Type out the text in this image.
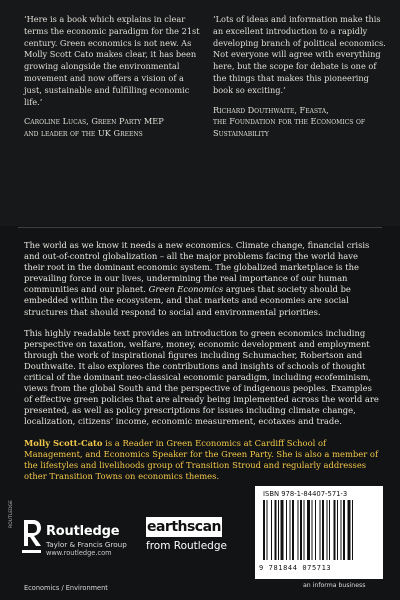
‘Here is a book which explains in clear terms the economic paradigm for the 21st century. Green economics is not new. As Molly Scott Cato makes clear, it has been growing alongside the environmental movement and now offers a vision of a just, sustainable and fulfilling economic life.’

Caroline Lucas, Green Party MEP

and leader of the UK Greens

‘Lots of ideas and information make this an excellent introduction to a rapidly developing branch of political economics. Not everyone will agree with everything here, but the scope for debate is one of the things that makes this pioneering book so exciting.’

Richard Douthwaite, Feasta,

the Foundation for the Economics of Sustainability

The world as we know it needs a new economics. Climate change, financial crisis and out-of-control globalization – all the major problems facing the world have their root in the dominant economic system. The globalized marketplace is the prevailing force in our lives, undermining the real importance of our human communities and our planet. Green Economics argues that society should be embedded within the ecosystem, and that markets and economies are social structures that should respond to social and environmental priorities.

This highly readable text provides an introduction to green economics including perspective on taxation, welfare, money, economic development and employment through the work of inspirational figures including Schumacher, Robertson and Douthwaite. It also explores the contributions and insights of schools of thought critical of the dominant neo-classical economic paradigm, including ecofeminism, views from the global South and the perspective of indigenous peoples. Examples of effective green policies that are already being implemented across the world are presented, as well as policy prescriptions for issues including climate change, localization, citizens’ income, economic measurement, ecotaxes and trade.

Molly Scott-Cato is a Reader in Green Economics at Cardiff School of Management, and Economics Speaker for the Green Party. She is also a member of the lifestyles and livelihoods group of Transition Stroud and regularly addresses other Transition Towns on economics themes.

ROUTLEDGE
Routledge
Taylor & Francis Group
www.routledge.com
earthscan
from Routledge
ISBN 978-1-84407-571-3
9 781844 075713
an informa business
Economics / Environment
